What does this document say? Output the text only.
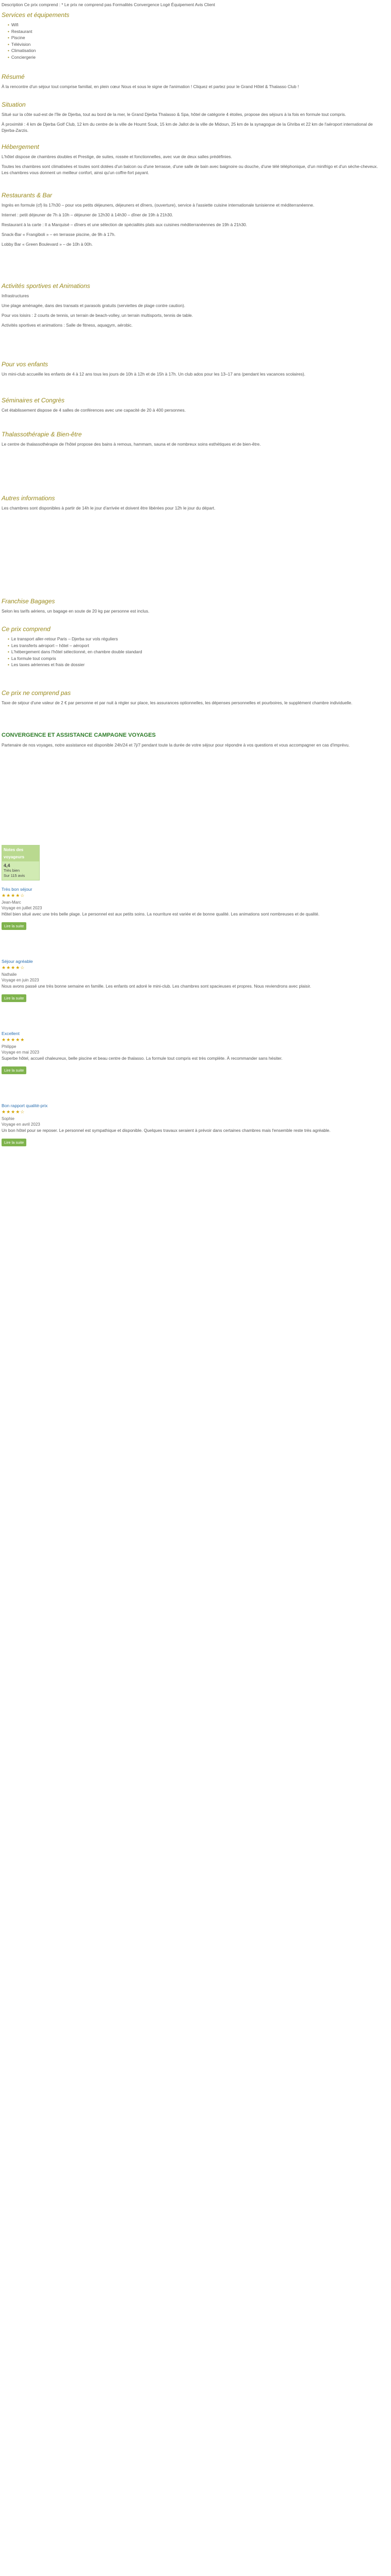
Description Ce prix comprend : * Le prix ne comprend pas Formalités Convergence Logé Équipement Avis Client
Services et équipements
• Wifi
• Restaurant
• Piscine
• Télévision
• Climatisation
• Conciergerie
Résumé
À la rencontre d'un séjour tout comprise familial, en plein cœur Nous et sous le signe de l'animation ! Cliquez et partez pour le Grand Hôtel & Thalasso Club !
Situation
Situé sur la côte sud-est de l'île de Djerba, tout au bord de la mer, le Grand Djerba Thalasso & Spa, hôtel de catégorie 4 étoiles, propose des séjours à la fois en formule tout compris.
À proximité : 4 km de Djerba Golf Club, 12 km du centre de la ville de Houmt Souk, 15 km de Jallot de la ville de Midoun, 25 km de la synagogue de la Ghriba et 22 km de l'aéroport international de Djerba-Zarzis.
Hébergement
L'hôtel dispose de chambres doubles et Prestige, de suites, rossée et fonctionnelles, avec vue de deux salles prédéfinies.
Toutes les chambres sont climatisées et toutes sont dotées d'un balcon ou d'une terrasse, d'une salle de bain avec baignoire ou douche, d'une télé téléphonique, d'un minifrigo et d'un sèche-cheveux. Les chambres vous donnent un meilleur confort, ainsi qu'un coffre-fort payant.
Restaurants & Bar
Ingrès en formule (cf) lis 17h30 – pour vos petits déjeuners, déjeuners et dîners, (ouverture), service à l'assiette cuisine internationale tunisienne et méditerranéenne.
Internet : petit déjeuner de 7h à 10h – déjeuner de 12h30 à 14h30 – dîner de 19h à 21h30.
Restaurant à la carte : Il a Marquisé – dîners et une sélection de spécialités plats aux cuisines méditerranéennes de 19h à 21h30.
Snack-Bar « Frangiboli » – en terrasse piscine, de 9h à 17h.
Lobby Bar « Green Boulevard » – de 10h à 00h.
Activités sportives et Animations
Infrastructures
Une plage aménagée, dans des transats et parasols gratuits (serviettes de plage contre caution).
Pour vos loisirs : 2 courts de tennis, un terrain de beach-volley, un terrain multisports, tennis de table.
Activités sportives et animations : Salle de fitness, aquagym, aérobic.
Pour vos enfants
Un mini-club accueille les enfants de 4 à 12 ans tous les jours de 10h à 12h et de 15h à 17h. Un club ados pour les 13–17 ans (pendant les vacances scolaires).
Séminaires et Congrès
Cet établissement dispose de 4 salles de conférences avec une capacité de 20 à 400 personnes.
Thalassothérapie & Bien-être
Le centre de thalassothérapie de l'hôtel propose des bains à remous, hammam, sauna et de nombreux soins esthétiques et de bien-être.
Autres informations
Les chambres sont disponibles à partir de 14h le jour d'arrivée et doivent être libérées pour 12h le jour du départ.
Franchise Bagages
Selon les tarifs aériens, un bagage en soute de 20 kg par personne est inclus.
Ce prix comprend
• Le transport aller-retour Paris – Djerba sur vols réguliers
• Les transferts aéroport – hôtel – aéroport
• L'hébergement dans l'hôtel sélectionné, en chambre double standard
• La formule tout compris
• Les taxes aériennes et frais de dossier
Ce prix ne comprend pas
Taxe de séjour d'une valeur de 2 € par personne et par nuit à régler sur place, les assurances optionnelles, les dépenses personnelles et pourboires, le supplément chambre individuelle.
CONVERGENCE ET ASSISTANCE CAMPAGNE VOYAGES
Partenaire de nos voyages, notre assistance est disponible 24h/24 et 7j/7 pendant toute la durée de votre séjour pour répondre à vos questions et vous accompagner en cas d'imprévu.
Notes des voyageurs
4,4
Très bien
Sur 115 avis
Très bon séjour
★★★★☆
Jean-Marc
Voyage en juillet 2023
Hôtel bien situé avec une très belle plage. Le personnel est aux petits soins. La nourriture est variée et de bonne qualité. Les animations sont nombreuses et de qualité.
Lire la suite
Séjour agréable
★★★★☆
Nathalie
Voyage en juin 2023
Nous avons passé une très bonne semaine en famille. Les enfants ont adoré le mini-club. Les chambres sont spacieuses et propres. Nous reviendrons avec plaisir.
Lire la suite
Excellent
★★★★★
Philippe
Voyage en mai 2023
Superbe hôtel, accueil chaleureux, belle piscine et beau centre de thalasso. La formule tout compris est très complète. À recommander sans hésiter.
Lire la suite
Bon rapport qualité-prix
★★★★☆
Sophie
Voyage en avril 2023
Un bon hôtel pour se reposer. Le personnel est sympathique et disponible. Quelques travaux seraient à prévoir dans certaines chambres mais l'ensemble reste très agréable.
Lire la suite
